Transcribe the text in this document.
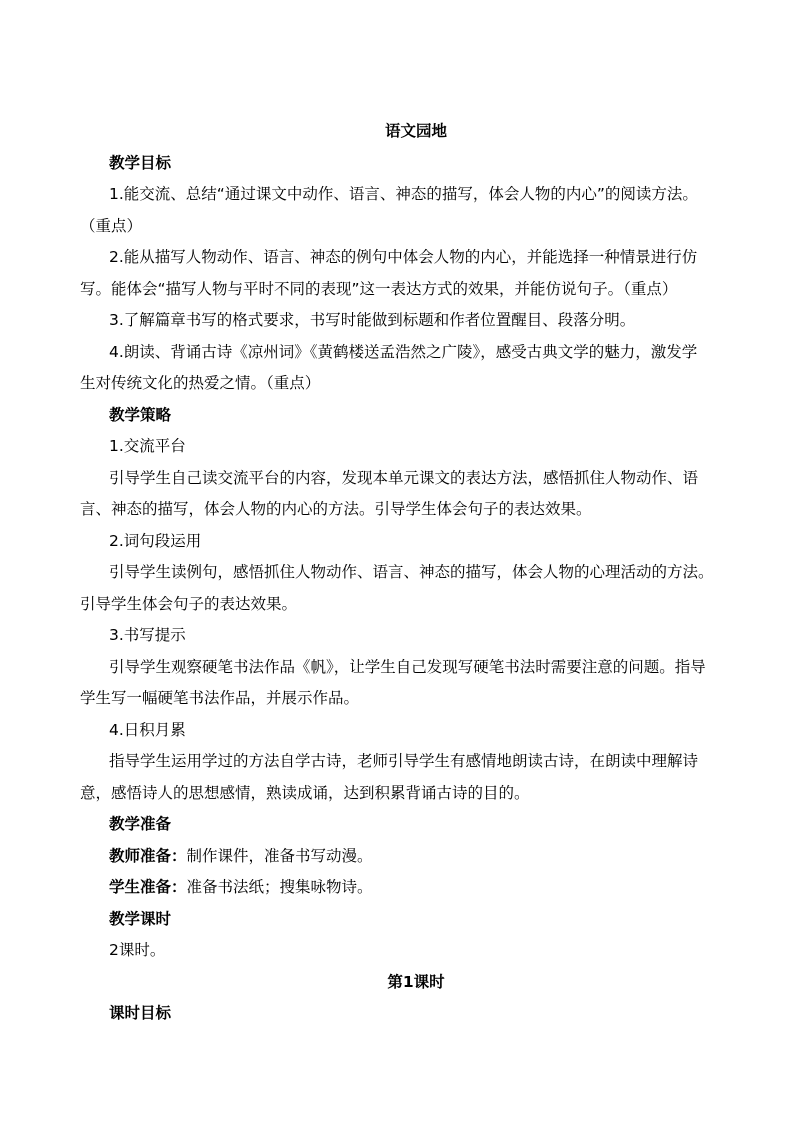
语文园地

教学目标

1.能交流、总结“通过课文中动作、语言、神态的描写，体会人物的内心”的阅读方法。

（重点）

2.能从描写人物动作、语言、神态的例句中体会人物的内心，并能选择一种情景进行仿

写。能体会“描写人物与平时不同的表现”这一表达方式的效果，并能仿说句子。（重点）

3.了解篇章书写的格式要求，书写时能做到标题和作者位置醒目、段落分明。

4.朗读、背诵古诗《凉州词》《黄鹤楼送孟浩然之广陵》，感受古典文学的魅力，激发学

生对传统文化的热爱之情。（重点）

教学策略

1.交流平台

引导学生自己读交流平台的内容，发现本单元课文的表达方法，感悟抓住人物动作、语

言、神态的描写，体会人物的内心的方法。引导学生体会句子的表达效果。

2.词句段运用

引导学生读例句，感悟抓住人物动作、语言、神态的描写，体会人物的心理活动的方法。

引导学生体会句子的表达效果。

3.书写提示

引导学生观察硬笔书法作品《帆》，让学生自己发现写硬笔书法时需要注意的问题。指导

学生写一幅硬笔书法作品，并展示作品。

4.日积月累

指导学生运用学过的方法自学古诗，老师引导学生有感情地朗读古诗，在朗读中理解诗

意，感悟诗人的思想感情，熟读成诵，达到积累背诵古诗的目的。

教学准备

教师准备：制作课件，准备书写动漫。

学生准备：准备书法纸；搜集咏物诗。

教学课时

2课时。

第1课时

课时目标
